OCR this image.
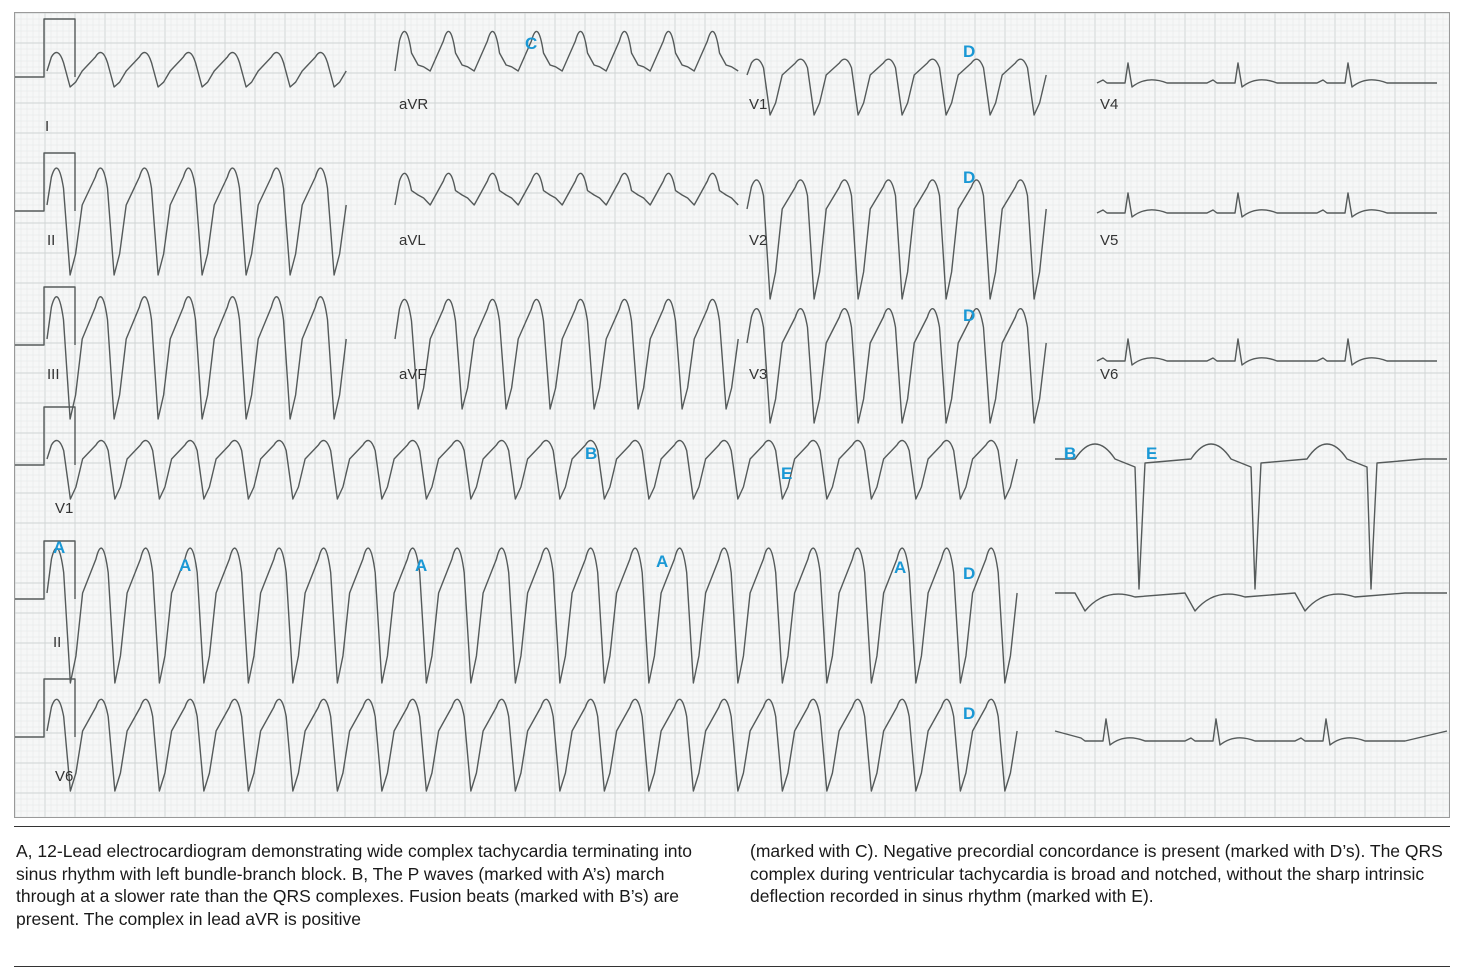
I
aVR	V1	V4
II	aVL	V2	V5
III	aVF	V3	V6
V1
II
V6
A
A	A	A	A
B	B
C	D
D
D
D
D
E
E
A, 12-Lead electrocardiogram demonstrating wide complex tachycardia terminating into sinus rhythm with left bundle-branch block. B, The P waves (marked with A’s) march through at a slower rate than the QRS complexes. Fusion beats (marked with B’s) are present. The complex in lead aVR is positive
(marked with C). Negative precordial concordance is present (marked with D’s). The QRS complex during ventricular tachycardia is broad and notched, without the sharp intrinsic deflection recorded in sinus rhythm (marked with E).
